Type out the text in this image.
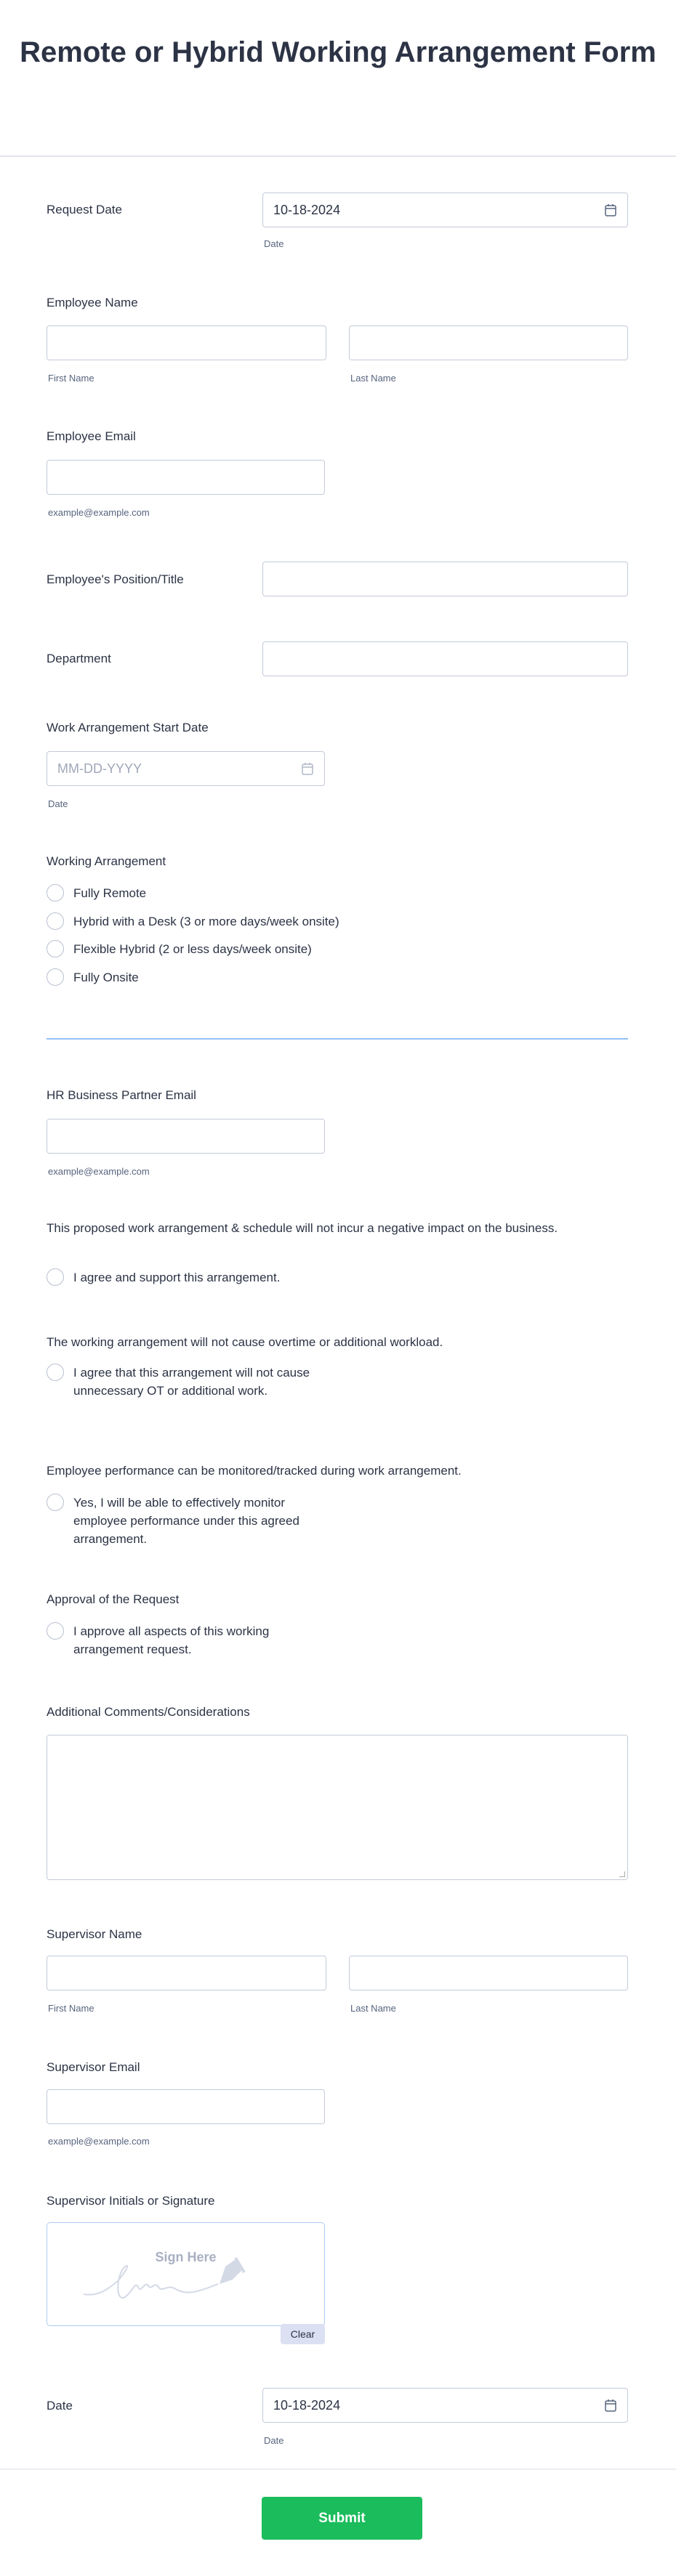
Remote or Hybrid Working Arrangement Form
Request Date	10-18-2024
Date
Employee Name
First Name	Last Name
Employee Email
example@example.com
Employee's Position/Title
Department
Work Arrangement Start Date
MM-DD-YYYY
Date
Working Arrangement
Fully Remote
Hybrid with a Desk (3 or more days/week onsite)
Flexible Hybrid (2 or less days/week onsite)
Fully Onsite
HR Business Partner Email
example@example.com
This proposed work arrangement & schedule will not incur a negative impact on the business.
I agree and support this arrangement.
The working arrangement will not cause overtime or additional workload.
I agree that this arrangement will not cause unnecessary OT or additional work.
Employee performance can be monitored/tracked during work arrangement.
Yes, I will be able to effectively monitor employee performance under this agreed arrangement.
Approval of the Request
I approve all aspects of this working arrangement request.
Additional Comments/Considerations
Supervisor Name
First Name	Last Name
Supervisor Email
example@example.com
Supervisor Initials or Signature
Sign Here
Clear
Date	10-18-2024
Date
Submit
